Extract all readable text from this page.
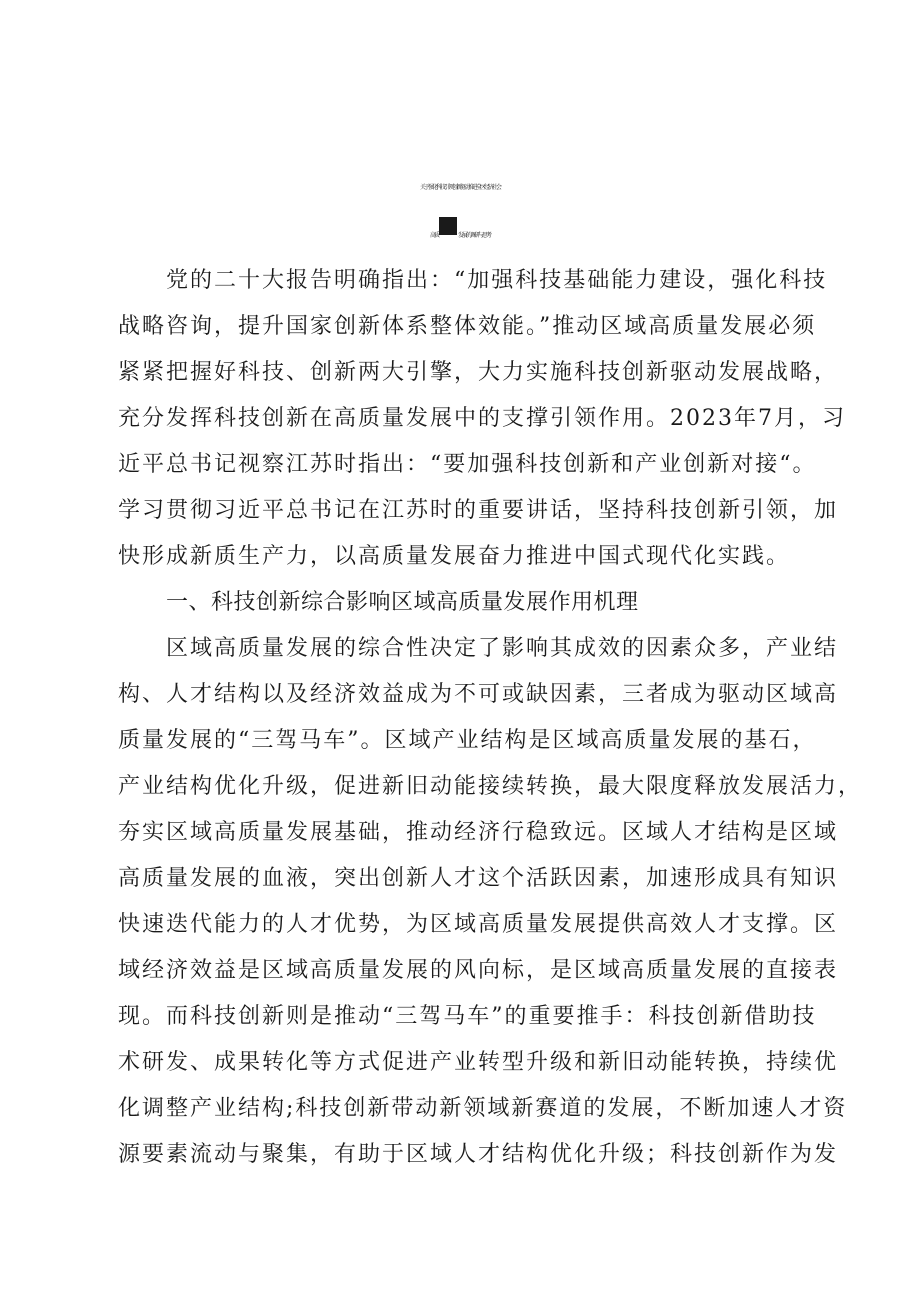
关于强化科技引领创新驱动推进全区经济社会
高质	发展的调研与思考
党的二十大报告明确指出：“加强科技基础能力建设，强化科技
战略咨询，提升国家创新体系整体效能。”推动区域高质量发展必须
紧紧把握好科技、创新两大引擎，大力实施科技创新驱动发展战略，
充分发挥科技创新在高质量发展中的支撑引领作用。2023年7月，习
近平总书记视察江苏时指出：“要加强科技创新和产业创新对接“。
学习贯彻习近平总书记在江苏时的重要讲话，坚持科技创新引领，加
快形成新质生产力，以高质量发展奋力推进中国式现代化实践。
一、科技创新综合影响区域高质量发展作用机理
区域高质量发展的综合性决定了影响其成效的因素众多，产业结
构、人才结构以及经济效益成为不可或缺因素，三者成为驱动区域高
质量发展的“三驾马车”。区域产业结构是区域高质量发展的基石，
产业结构优化升级，促进新旧动能接续转换，最大限度释放发展活力，
夯实区域高质量发展基础，推动经济行稳致远。区域人才结构是区域
高质量发展的血液，突出创新人才这个活跃因素，加速形成具有知识
快速迭代能力的人才优势，为区域高质量发展提供高效人才支撑。区
域经济效益是区域高质量发展的风向标，是区域高质量发展的直接表
现。而科技创新则是推动“三驾马车”的重要推手：科技创新借助技
术研发、成果转化等方式促进产业转型升级和新旧动能转换，持续优
化调整产业结构;科技创新带动新领域新赛道的发展，不断加速人才资
源要素流动与聚集，有助于区域人才结构优化升级；科技创新作为发
